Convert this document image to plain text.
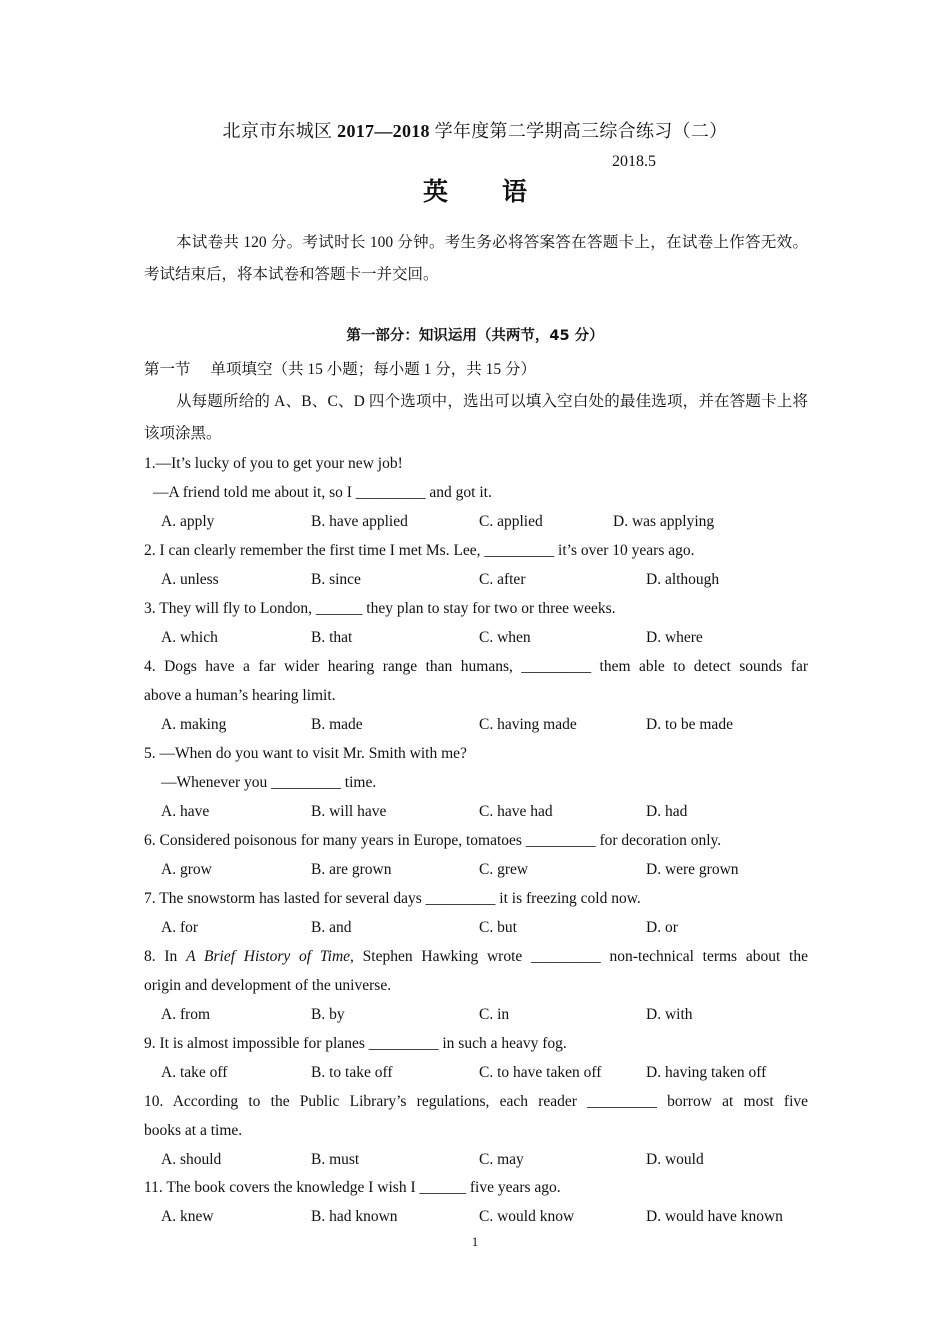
北京市东城区 2017—2018 学年度第二学期高三综合练习（二）
2018.5
英 语
本试卷共 120 分。考试时长 100 分钟。考生务必将答案答在答题卡上，在试卷上作答无效。考试结束后，将本试卷和答题卡一并交回。
第一部分：知识运用（共两节，45 分）
第一节 单项填空（共 15 小题；每小题 1 分，共 15 分）
从每题所给的 A、B、C、D 四个选项中，选出可以填入空白处的最佳选项，并在答题卡上将该项涂黑。
1.—It’s lucky of you to get your new job!
—A friend told me about it, so I _________ and got it.
A. apply	B. have applied	C. applied	D. was applying
2. I can clearly remember the first time I met Ms. Lee, _________ it’s over 10 years ago.
A. unless	B. since	C. after	D. although
3. They will fly to London, ______ they plan to stay for two or three weeks.
A. which	B. that	C. when	D. where
4. Dogs have a far wider hearing range than humans, _________ them able to detect sounds far
above a human’s hearing limit.
A. making	B. made	C. having made	D. to be made
5. —When do you want to visit Mr. Smith with me?
—Whenever you _________ time.
A. have	B. will have	C. have had	D. had
6. Considered poisonous for many years in Europe, tomatoes _________ for decoration only.
A. grow	B. are grown	C. grew	D. were grown
7. The snowstorm has lasted for several days _________ it is freezing cold now.
A. for	B. and	C. but	D. or
8. In A Brief History of Time, Stephen Hawking wrote _________ non-technical terms about the
origin and development of the universe.
A. from	B. by	C. in	D. with
9. It is almost impossible for planes _________ in such a heavy fog.
A. take off	B. to take off	C. to have taken off	D. having taken off
10. According to the Public Library’s regulations, each reader _________ borrow at most five
books at a time.
A. should	B. must	C. may	D. would
11. The book covers the knowledge I wish I ______ five years ago.
A. knew	B. had known	C. would know	D. would have known
1
